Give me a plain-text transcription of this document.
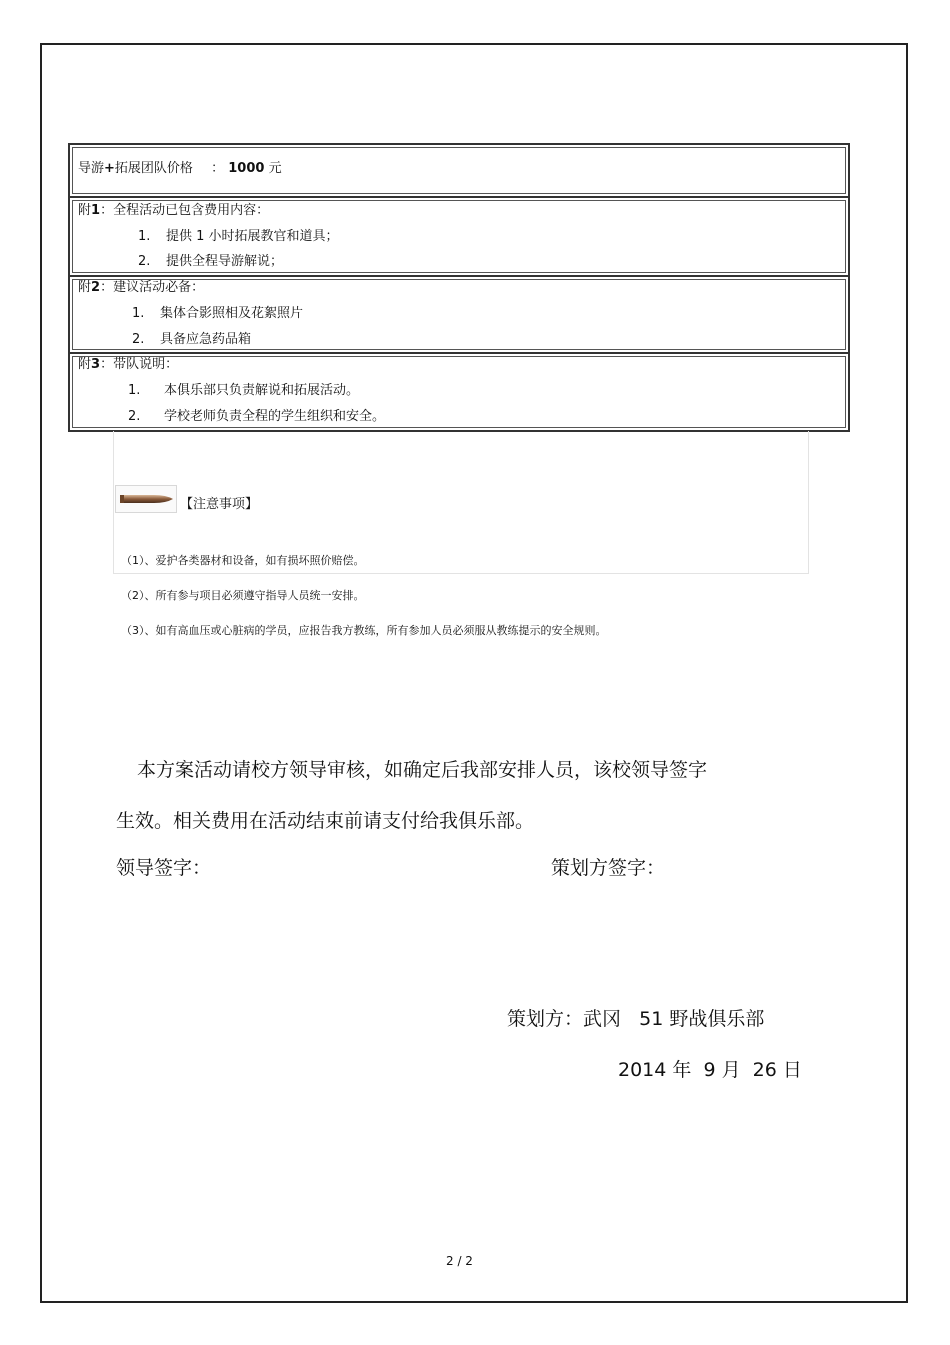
导游+拓展团队价格 ： 1000 元
附1：全程活动已包含费用内容：
1. 提供 1 小时拓展教官和道具；
2. 提供全程导游解说；
附2：建议活动必备：
1. 集体合影照相及花絮照片
2. 具备应急药品箱
附3：带队说明：
1. 本俱乐部只负责解说和拓展活动。
2. 学校老师负责全程的学生组织和安全。
【注意事项】
（1）、爱护各类器材和设备，如有损坏照价赔偿。
（2）、所有参与项目必须遵守指导人员统一安排。
（3）、如有高血压或心脏病的学员，应报告我方教练，所有参加人员必须服从教练提示的安全规则。
本方案活动请校方领导审核，如确定后我部安排人员，该校领导签字
生效。相关费用在活动结束前请支付给我俱乐部。
领导签字：	策划方签字：
策划方：武冈   51 野战俱乐部
2014 年  9 月  26 日
2 / 2
